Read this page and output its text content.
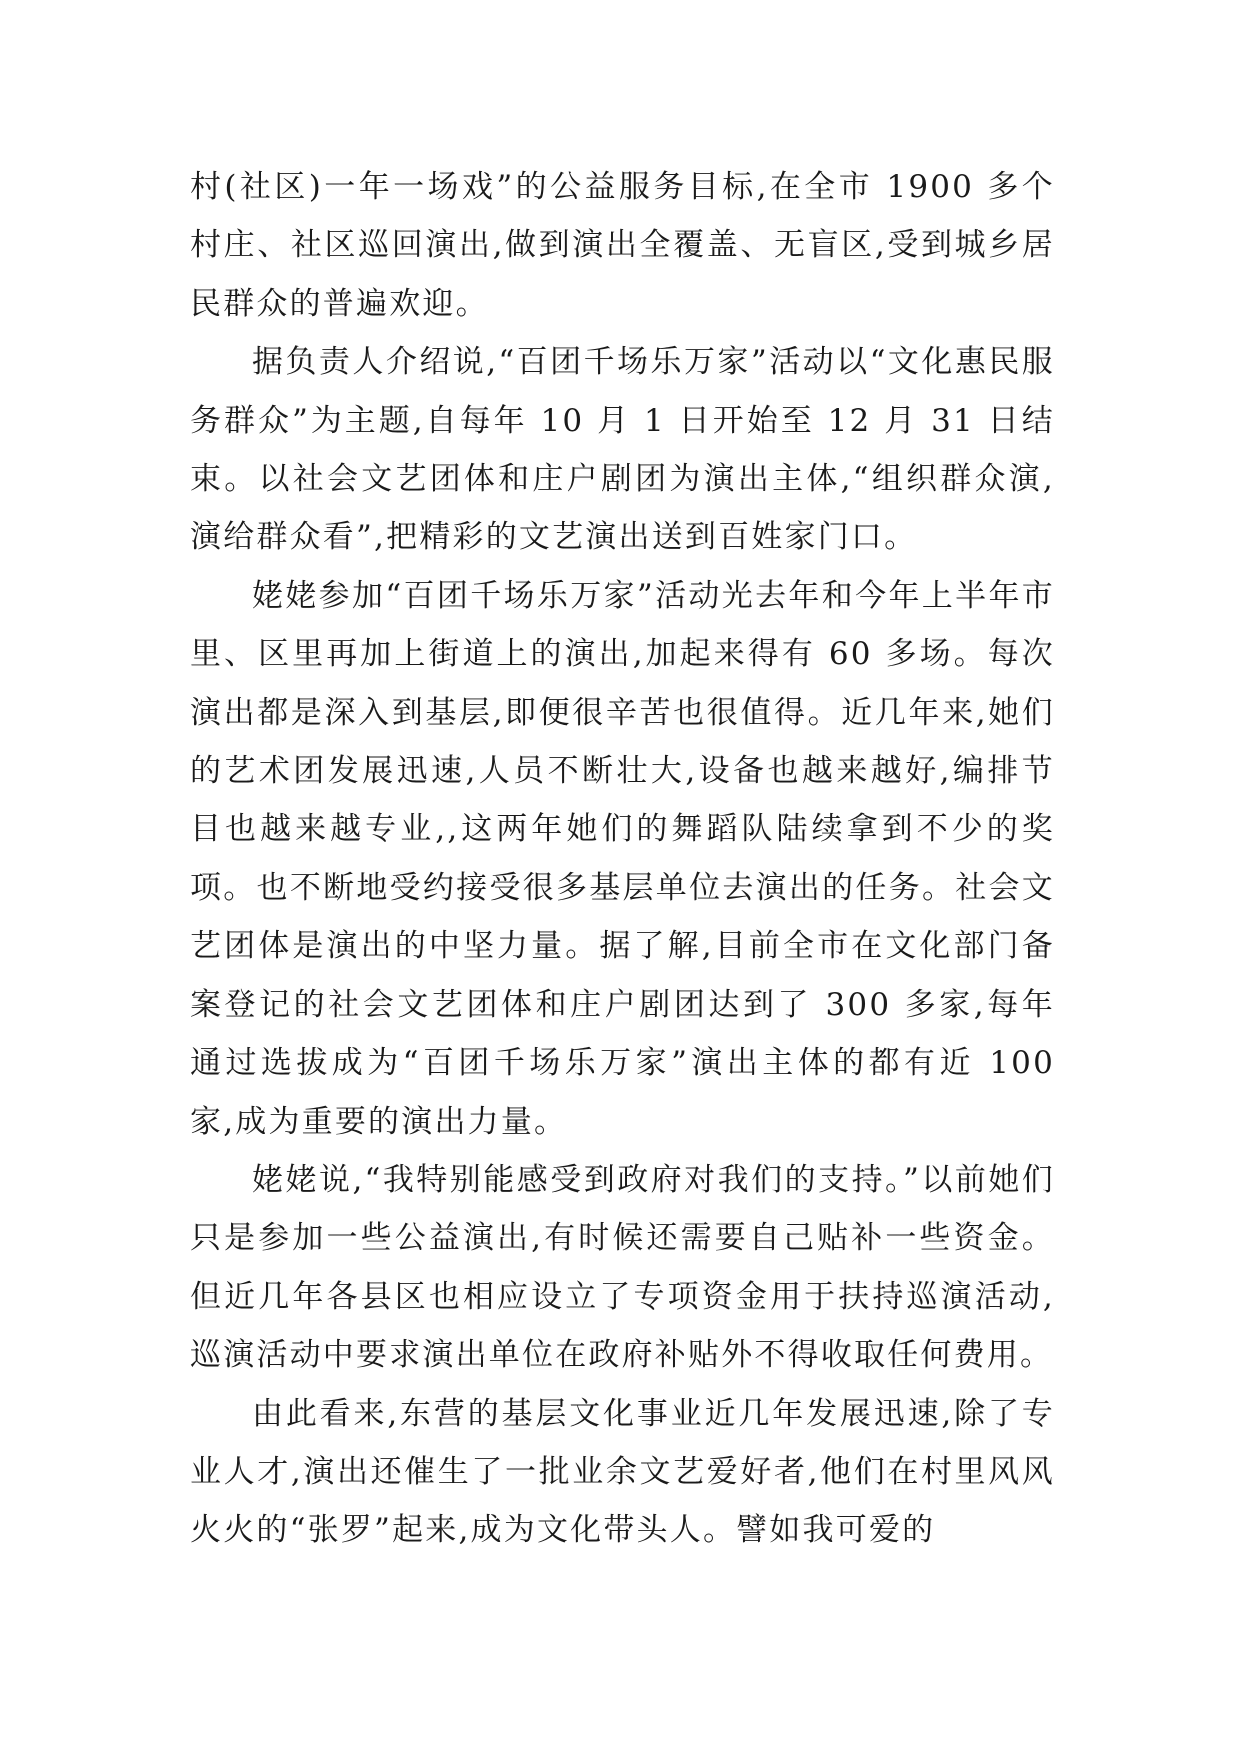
村(社区)一年一场戏”的公益服务目标,在全市 1900 多个村庄、社区巡回演出,做到演出全覆盖、无盲区,受到城乡居民群众的普遍欢迎。

据负责人介绍说,“百团千场乐万家”活动以“文化惠民服务群众”为主题,自每年 10 月 1 日开始至 12 月 31 日结束。以社会文艺团体和庄户剧团为演出主体,“组织群众演,演给群众看”,把精彩的文艺演出送到百姓家门口。

姥姥参加“百团千场乐万家”活动光去年和今年上半年市里、区里再加上街道上的演出,加起来得有 60 多场。每次演出都是深入到基层,即便很辛苦也很值得。近几年来,她们的艺术团发展迅速,人员不断壮大,设备也越来越好,编排节目也越来越专业,,这两年她们的舞蹈队陆续拿到不少的奖项。也不断地受约接受很多基层单位去演出的任务。社会文艺团体是演出的中坚力量。据了解,目前全市在文化部门备案登记的社会文艺团体和庄户剧团达到了 300 多家,每年通过选拔成为“百团千场乐万家”演出主体的都有近 100 家,成为重要的演出力量。

姥姥说,“我特别能感受到政府对我们的支持。”以前她们只是参加一些公益演出,有时候还需要自己贴补一些资金。但近几年各县区也相应设立了专项资金用于扶持巡演活动,巡演活动中要求演出单位在政府补贴外不得收取任何费用。

由此看来,东营的基层文化事业近几年发展迅速,除了专业人才,演出还催生了一批业余文艺爱好者,他们在村里风风火火的“张罗”起来,成为文化带头人。譬如我可爱的
